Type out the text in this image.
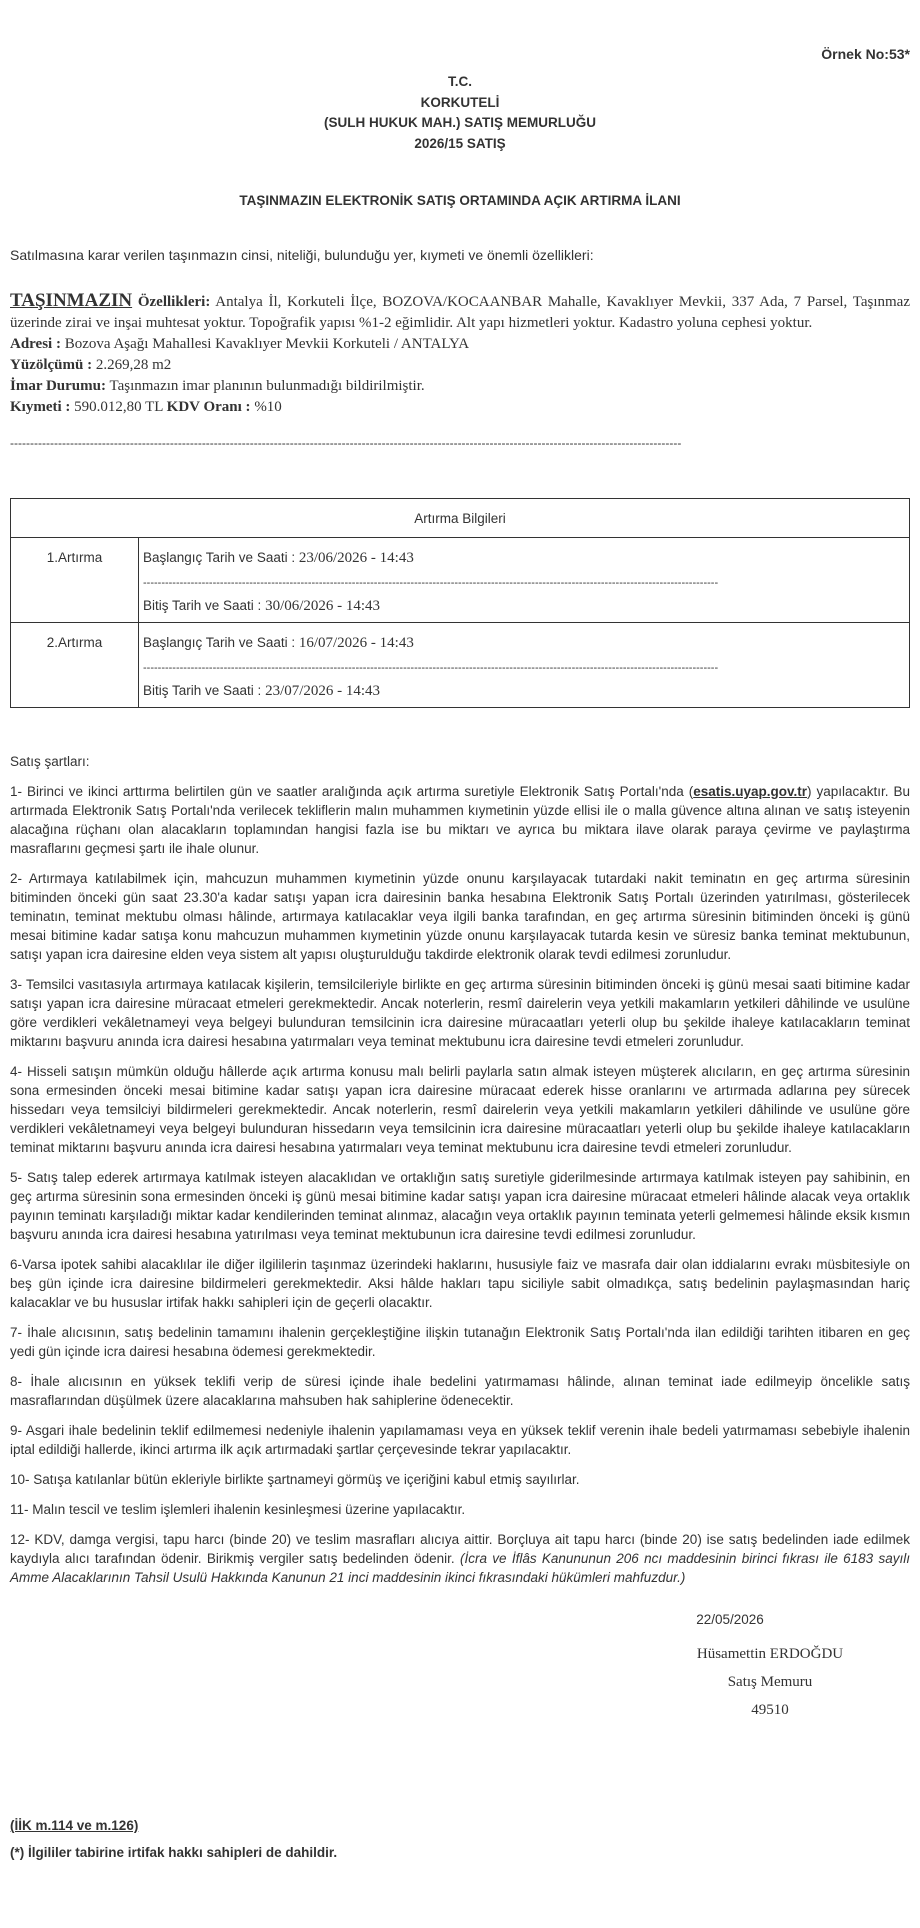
Örnek No:53*
T.C.
KORKUTELİ
(SULH HUKUK MAH.) SATIŞ MEMURLUĞU
2026/15 SATIŞ
TAŞINMAZIN ELEKTRONİK SATIŞ ORTAMINDA AÇIK ARTIRMA İLANI
Satılmasına karar verilen taşınmazın cinsi, niteliği, bulunduğu yer, kıymeti ve önemli özellikleri:
TAŞINMAZIN Özellikleri: Antalya İl, Korkuteli İlçe, BOZOVA/KOCAANBAR Mahalle, Kavaklıyer Mevkii, 337 Ada, 7 Parsel, Taşınmaz üzerinde zirai ve inşai muhtesat yoktur. Topoğrafik yapısı %1-2 eğimlidir. Alt yapı hizmetleri yoktur. Kadastro yoluna cephesi yoktur.
Adresi : Bozova Aşağı Mahallesi Kavaklıyer Mevkii Korkuteli / ANTALYA
Yüzölçümü : 2.269,28 m2
İmar Durumu: Taşınmazın imar planının bulunmadığı bildirilmiştir.
Kıymeti : 590.012,80 TL KDV Oranı : %10
------------------------------------------------------------------------------------------------------------------------------------------------------------------------
Artırma Bilgileri	
1.Artırma	Başlangıç Tarih ve Saati : 23/06/2026 - 14:43
-------------------------------------------------------------------------------------------------------------------------------------------------------------
Bitiş Tarih ve Saati : 30/06/2026 - 14:43

2.Artırma	Başlangıç Tarih ve Saati : 16/07/2026 - 14:43
-------------------------------------------------------------------------------------------------------------------------------------------------------------
Bitiş Tarih ve Saati : 23/07/2026 - 14:43

Satış şartları:

1- Birinci ve ikinci arttırma belirtilen gün ve saatler aralığında açık artırma suretiyle Elektronik Satış Portalı'nda (esatis.uyap.gov.tr) yapılacaktır. Bu artırmada Elektronik Satış Portalı'nda verilecek tekliflerin malın muhammen kıymetinin yüzde ellisi ile o malla güvence altına alınan ve satış isteyenin alacağına rüçhanı olan alacakların toplamından hangisi fazla ise bu miktarı ve ayrıca bu miktara ilave olarak paraya çevirme ve paylaştırma masraflarını geçmesi şartı ile ihale olunur.

2- Artırmaya katılabilmek için, mahcuzun muhammen kıymetinin yüzde onunu karşılayacak tutardaki nakit teminatın en geç artırma süresinin bitiminden önceki gün saat 23.30'a kadar satışı yapan icra dairesinin banka hesabına Elektronik Satış Portalı üzerinden yatırılması, gösterilecek teminatın, teminat mektubu olması hâlinde, artırmaya katılacaklar veya ilgili banka tarafından, en geç artırma süresinin bitiminden önceki iş günü mesai bitimine kadar satışa konu mahcuzun muhammen kıymetinin yüzde onunu karşılayacak tutarda kesin ve süresiz banka teminat mektubunun, satışı yapan icra dairesine elden veya sistem alt yapısı oluşturulduğu takdirde elektronik olarak tevdi edilmesi zorunludur.

3- Temsilci vasıtasıyla artırmaya katılacak kişilerin, temsilcileriyle birlikte en geç artırma süresinin bitiminden önceki iş günü mesai saati bitimine kadar satışı yapan icra dairesine müracaat etmeleri gerekmektedir. Ancak noterlerin, resmî dairelerin veya yetkili makamların yetkileri dâhilinde ve usulüne göre verdikleri vekâletnameyi veya belgeyi bulunduran temsilcinin icra dairesine müracaatları yeterli olup bu şekilde ihaleye katılacakların teminat miktarını başvuru anında icra dairesi hesabına yatırmaları veya teminat mektubunu icra dairesine tevdi etmeleri zorunludur.

4- Hisseli satışın mümkün olduğu hâllerde açık artırma konusu malı belirli paylarla satın almak isteyen müşterek alıcıların, en geç artırma süresinin sona ermesinden önceki mesai bitimine kadar satışı yapan icra dairesine müracaat ederek hisse oranlarını ve artırmada adlarına pey sürecek hissedarı veya temsilciyi bildirmeleri gerekmektedir. Ancak noterlerin, resmî dairelerin veya yetkili makamların yetkileri dâhilinde ve usulüne göre verdikleri vekâletnameyi veya belgeyi bulunduran hissedarın veya temsilcinin icra dairesine müracaatları yeterli olup bu şekilde ihaleye katılacakların teminat miktarını başvuru anında icra dairesi hesabına yatırmaları veya teminat mektubunu icra dairesine tevdi etmeleri zorunludur.

5- Satış talep ederek artırmaya katılmak isteyen alacaklıdan ve ortaklığın satış suretiyle giderilmesinde artırmaya katılmak isteyen pay sahibinin, en geç artırma süresinin sona ermesinden önceki iş günü mesai bitimine kadar satışı yapan icra dairesine müracaat etmeleri hâlinde alacak veya ortaklık payının teminatı karşıladığı miktar kadar kendilerinden teminat alınmaz, alacağın veya ortaklık payının teminata yeterli gelmemesi hâlinde eksik kısmın başvuru anında icra dairesi hesabına yatırılması veya teminat mektubunun icra dairesine tevdi edilmesi zorunludur.

6-Varsa ipotek sahibi alacaklılar ile diğer ilgililerin taşınmaz üzerindeki haklarını, hususiyle faiz ve masrafa dair olan iddialarını evrakı müsbitesiyle on beş gün içinde icra dairesine bildirmeleri gerekmektedir. Aksi hâlde hakları tapu siciliyle sabit olmadıkça, satış bedelinin paylaşmasından hariç kalacaklar ve bu hususlar irtifak hakkı sahipleri için de geçerli olacaktır.

7- İhale alıcısının, satış bedelinin tamamını ihalenin gerçekleştiğine ilişkin tutanağın Elektronik Satış Portalı'nda ilan edildiği tarihten itibaren en geç yedi gün içinde icra dairesi hesabına ödemesi gerekmektedir.

8- İhale alıcısının en yüksek teklifi verip de süresi içinde ihale bedelini yatırmaması hâlinde, alınan teminat iade edilmeyip öncelikle satış masraflarından düşülmek üzere alacaklarına mahsuben hak sahiplerine ödenecektir.

9- Asgari ihale bedelinin teklif edilmemesi nedeniyle ihalenin yapılamaması veya en yüksek teklif verenin ihale bedeli yatırmaması sebebiyle ihalenin iptal edildiği hallerde, ikinci artırma ilk açık artırmadaki şartlar çerçevesinde tekrar yapılacaktır.

10- Satışa katılanlar bütün ekleriyle birlikte şartnameyi görmüş ve içeriğini kabul etmiş sayılırlar.

11- Malın tescil ve teslim işlemleri ihalenin kesinleşmesi üzerine yapılacaktır.

12- KDV, damga vergisi, tapu harcı (binde 20) ve teslim masrafları alıcıya aittir. Borçluya ait tapu harcı (binde 20) ise satış bedelinden iade edilmek kaydıyla alıcı tarafından ödenir. Birikmiş vergiler satış bedelinden ödenir. (İcra ve İflâs Kanununun 206 ncı maddesinin birinci fıkrası ile 6183 sayılı Amme Alacaklarının Tahsil Usulü Hakkında Kanunun 21 inci maddesinin ikinci fıkrasındaki hükümleri mahfuzdur.)

22/05/2026
Hüsamettin ERDOĞDU
Satış Memuru
49510
(İİK m.114 ve m.126)
(*) İlgililer tabirine irtifak hakkı sahipleri de dahildir.
